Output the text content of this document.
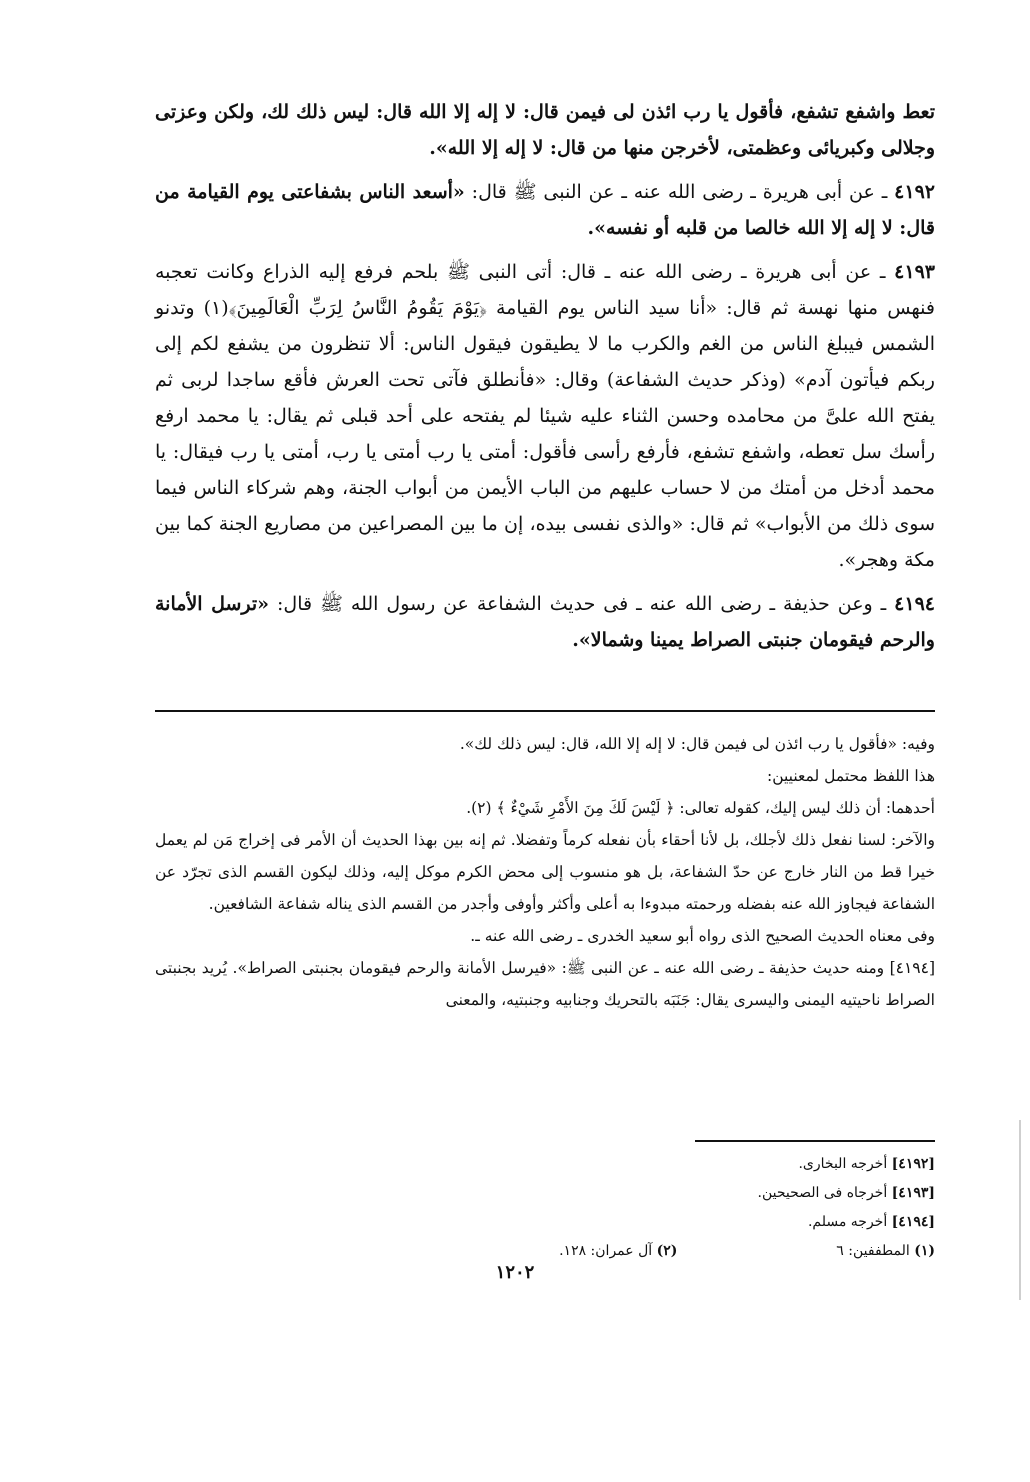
تعط واشفع تشفع، فأقول يا رب ائذن لى فيمن قال: لا إله إلا الله قال: ليس ذلك لك، ولكن وعزتى وجلالى وكبريائى وعظمتى، لأخرجن منها من قال: لا إله إلا الله».

٤١٩٢ ـ عن أبى هريرة ـ رضى الله عنه ـ عن النبى ﷺ قال: «أسعد الناس بشفاعتى يوم القيامة من قال: لا إله إلا الله خالصا من قلبه أو نفسه».

٤١٩٣ ـ عن أبى هريرة ـ رضى الله عنه ـ قال: أتى النبى ﷺ بلحم فرفع إليه الذراع وكانت تعجبه فنهس منها نهسة ثم قال: «أنا سيد الناس يوم القيامة ﴿يَوْمَ يَقُومُ النَّاسُ لِرَبِّ الْعَالَمِينَ﴾(١) وتدنو الشمس فيبلغ الناس من الغم والكرب ما لا يطيقون فيقول الناس: ألا تنظرون من يشفع لكم إلى ربكم فيأتون آدم» (وذكر حديث الشفاعة) وقال: «فأنطلق فآتى تحت العرش فأقع ساجدا لربى ثم يفتح الله علىَّ من محامده وحسن الثناء عليه شيئا لم يفتحه على أحد قبلى ثم يقال: يا محمد ارفع رأسك سل تعطه، واشفع تشفع، فأرفع رأسى فأقول: أمتى يا رب أمتى يا رب، أمتى يا رب فيقال: يا محمد أدخل من أمتك من لا حساب عليهم من الباب الأيمن من أبواب الجنة، وهم شركاء الناس فيما سوى ذلك من الأبواب» ثم قال: «والذى نفسى بيده، إن ما بين المصراعين من مصاريع الجنة كما بين مكة وهجر».

٤١٩٤ ـ وعن حذيفة ـ رضى الله عنه ـ فى حديث الشفاعة عن رسول الله ﷺ قال: «ترسل الأمانة والرحم فيقومان جنبتى الصراط يمينا وشمالا».

وفيه: «فأقول يا رب ائذن لى فيمن قال: لا إله إلا الله، قال: ليس ذلك لك».

هذا اللفظ محتمل لمعنيين:

أحدهما: أن ذلك ليس إليك، كقوله تعالى: ﴿ لَيْسَ لَكَ مِنَ الأَمْرِ شَيْءٌ ﴾ (٢).

والآخر: لسنا نفعل ذلك لأجلك، بل لأنا أحقاء بأن نفعله كرماً وتفضلا. ثم إنه بين بهذا الحديث أن الأمر فى إخراج مَن لم يعمل خيرا قط من النار خارج عن حدّ الشفاعة، بل هو منسوب إلى محض الكرم موكل إليه، وذلك ليكون القسم الذى تجرّد عن الشفاعة فيجاوز الله عنه بفضله ورحمته مبدوءا به أعلى وأكثر وأوفى وأجدر من القسم الذى يناله شفاعة الشافعين.

وفى معناه الحديث الصحيح الذى رواه أبو سعيد الخدرى ـ رضى الله عنه ـ.

[٤١٩٤] ومنه حديث حذيفة ـ رضى الله عنه ـ عن النبى ﷺ: «فيرسل الأمانة والرحم فيقومان بجنبتى الصراط». يُريد بجنبتى الصراط ناحيتيه اليمنى واليسرى يقال: جَنَبَه بالتحريك وجنابيه وجنبتيه، والمعنى

[٤١٩٢] أخرجه البخارى.

[٤١٩٣] أخرجاه فى الصحيحين.

[٤١٩٤] أخرجه مسلم.

(١) المطففين: ٦  (٢) آل عمران: ١٢٨.

١٢٠٢
